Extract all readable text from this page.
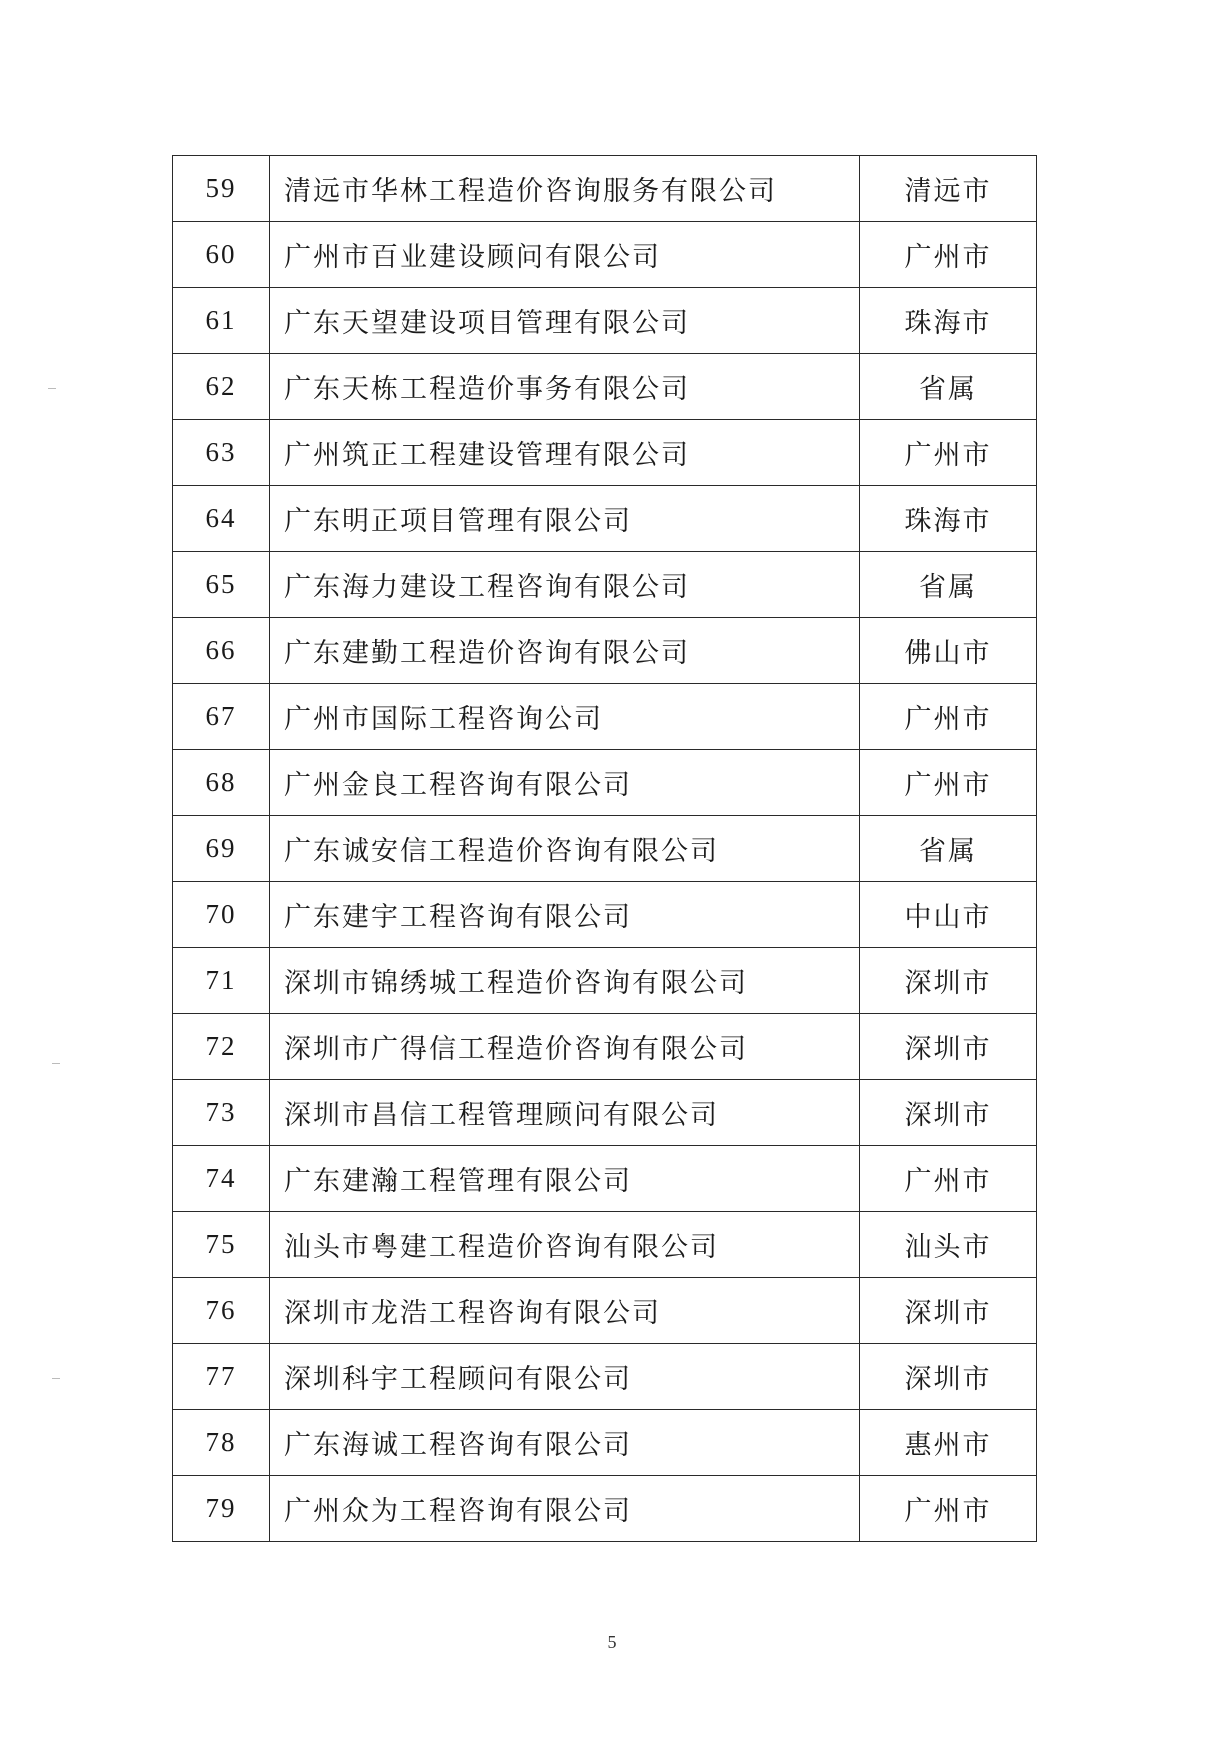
59	清远市华林工程造价咨询服务有限公司	清远市
60	广州市百业建设顾问有限公司	广州市
61	广东天望建设项目管理有限公司	珠海市
62	广东天栋工程造价事务有限公司	省属
63	广州筑正工程建设管理有限公司	广州市
64	广东明正项目管理有限公司	珠海市
65	广东海力建设工程咨询有限公司	省属
66	广东建勤工程造价咨询有限公司	佛山市
67	广州市国际工程咨询公司	广州市
68	广州金良工程咨询有限公司	广州市
69	广东诚安信工程造价咨询有限公司	省属
70	广东建宇工程咨询有限公司	中山市
71	深圳市锦绣城工程造价咨询有限公司	深圳市
72	深圳市广得信工程造价咨询有限公司	深圳市
73	深圳市昌信工程管理顾问有限公司	深圳市
74	广东建瀚工程管理有限公司	广州市
75	汕头市粤建工程造价咨询有限公司	汕头市
76	深圳市龙浩工程咨询有限公司	深圳市
77	深圳科宇工程顾问有限公司	深圳市
78	广东海诚工程咨询有限公司	惠州市
79	广州众为工程咨询有限公司	广州市
5
